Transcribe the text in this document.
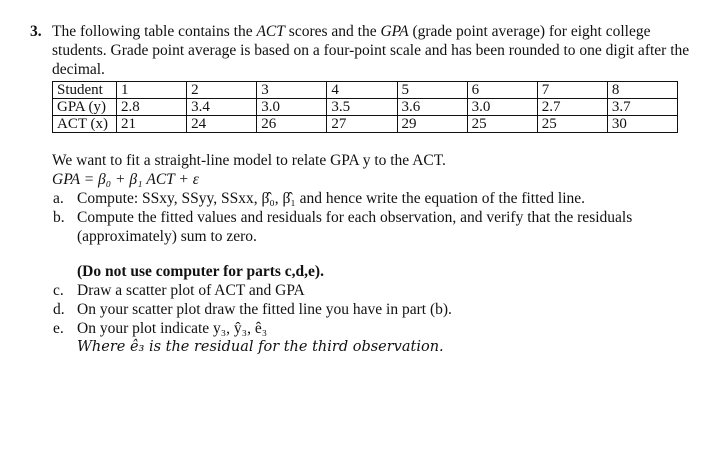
3. The following table contains the ACT scores and the GPA (grade point average) for eight college students. Grade point average is based on a four-point scale and has been rounded to one digit after the decimal.
Student	1	2	3	4	5	6	7	8
GPA (y)	2.8	3.4	3.0	3.5	3.6	3.0	2.7	3.7
ACT (x)	21	24	26	27	29	25	25	30
We want to fit a straight-line model to relate GPA y to the ACT.
GPA = β₀ + β₁ ACT + ε
a. Compute: SSxy, SSyy, SSxx, β̂₀, β̂₁ and hence write the equation of the fitted line.
b. Compute the fitted values and residuals for each observation, and verify that the residuals (approximately) sum to zero.
(Do not use computer for parts c,d,e).
c. Draw a scatter plot of ACT and GPA
d. On your scatter plot draw the fitted line you have in part (b).
e. On your plot indicate y₃, ŷ₃, ê₃
Where ê₃ is the residual for the third observation.
